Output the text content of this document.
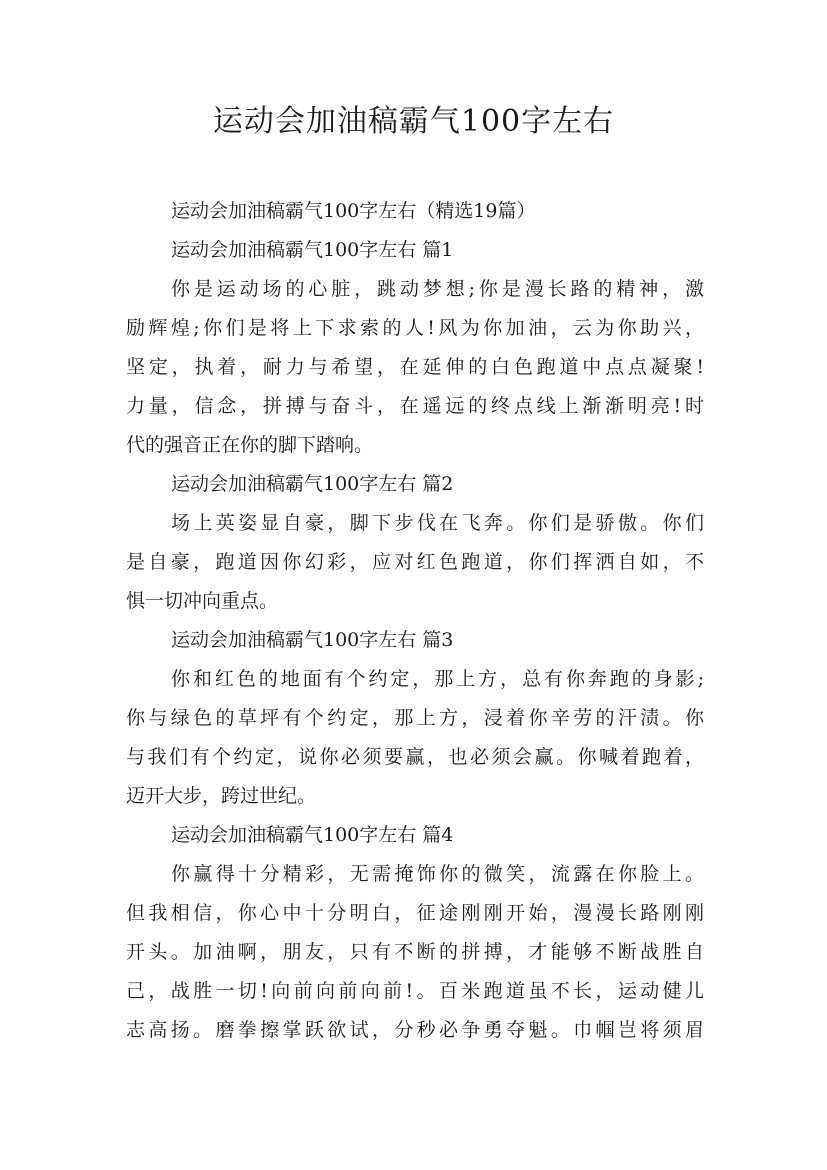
运动会加油稿霸气100字左右
运动会加油稿霸气100字左右（精选19篇）
运动会加油稿霸气100字左右 篇1
你是运动场的心脏，跳动梦想;你是漫长路的精神，激
励辉煌;你们是将上下求索的人!风为你加油，云为你助兴，
坚定，执着，耐力与希望，在延伸的白色跑道中点点凝聚!
力量，信念，拼搏与奋斗，在遥远的终点线上渐渐明亮!时
代的强音正在你的脚下踏响。
运动会加油稿霸气100字左右 篇2
场上英姿显自豪，脚下步伐在飞奔。你们是骄傲。你们
是自豪，跑道因你幻彩，应对红色跑道，你们挥洒自如，不
惧一切冲向重点。
运动会加油稿霸气100字左右 篇3
你和红色的地面有个约定，那上方，总有你奔跑的身影;
你与绿色的草坪有个约定，那上方，浸着你辛劳的汗渍。你
与我们有个约定，说你必须要赢，也必须会赢。你喊着跑着，
迈开大步，跨过世纪。
运动会加油稿霸气100字左右 篇4
你赢得十分精彩，无需掩饰你的微笑，流露在你脸上。
但我相信，你心中十分明白，征途刚刚开始，漫漫长路刚刚
开头。加油啊，朋友，只有不断的拼搏，才能够不断战胜自
己，战胜一切!向前向前向前!。百米跑道虽不长，运动健儿
志高扬。磨拳擦掌跃欲试，分秒必争勇夺魁。巾帼岂将须眉
